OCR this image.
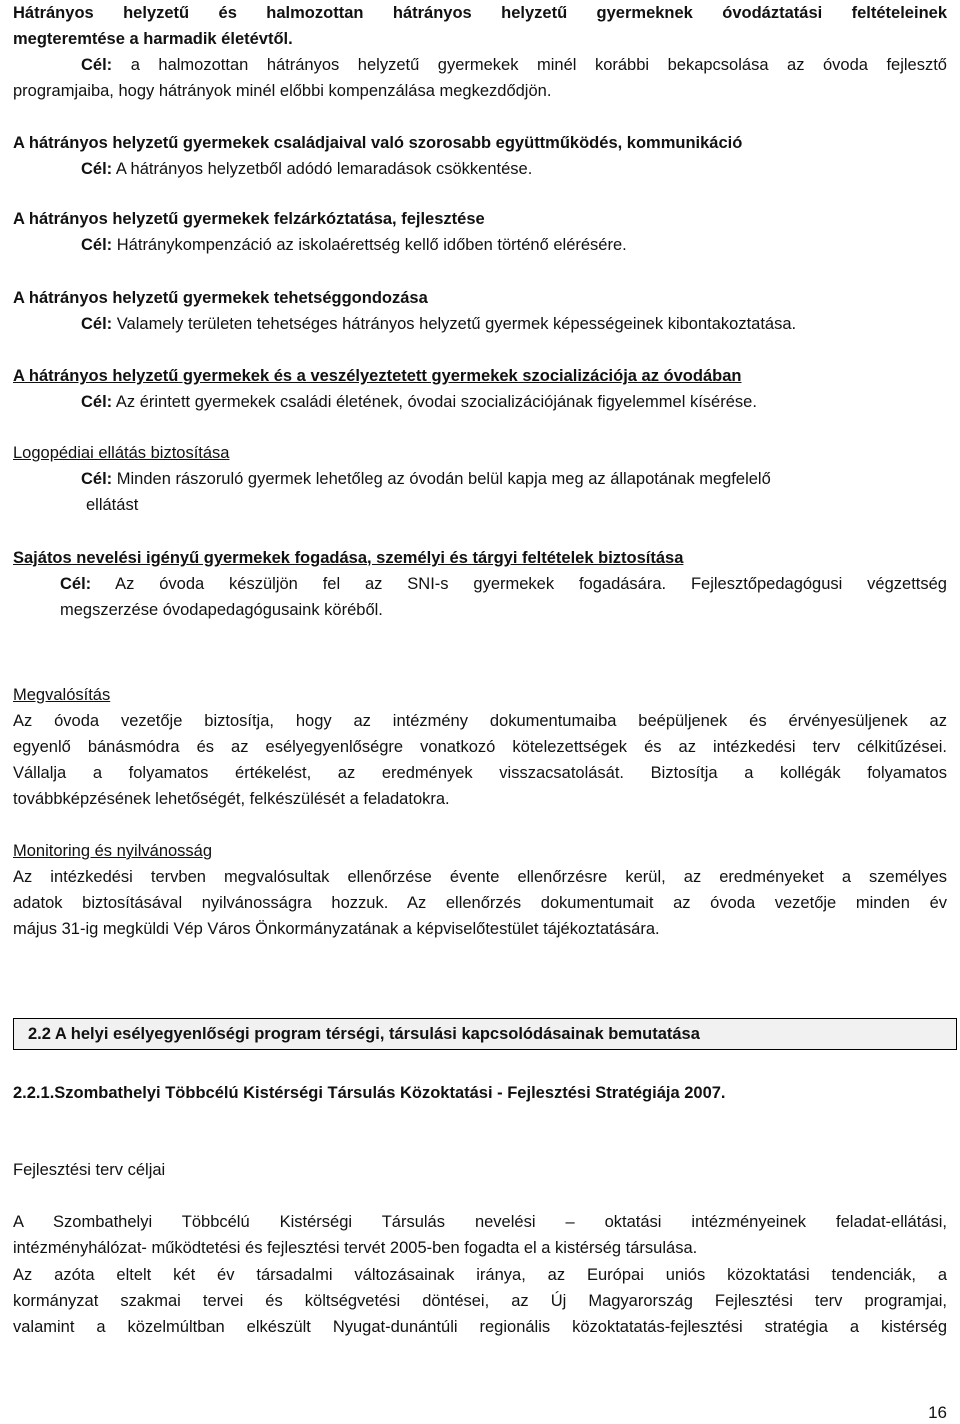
Hátrányos helyzetű és halmozottan hátrányos helyzetű gyermeknek óvodáztatási feltételeinek
megteremtése a harmadik életévtől.
Cél: a halmozottan hátrányos helyzetű gyermekek minél korábbi bekapcsolása az óvoda fejlesztő
programjaiba, hogy hátrányok minél előbbi kompenzálása megkezdődjön.
A hátrányos helyzetű gyermekek családjaival való szorosabb együttműködés, kommunikáció
Cél: A hátrányos helyzetből adódó lemaradások csökkentése.
A hátrányos helyzetű gyermekek felzárkóztatása, fejlesztése
Cél: Hátránykompenzáció az iskolaérettség kellő időben történő elérésére.
A hátrányos helyzetű gyermekek tehetséggondozása
Cél: Valamely területen tehetséges hátrányos helyzetű gyermek képességeinek kibontakoztatása.
A hátrányos helyzetű gyermekek és a veszélyeztetett gyermekek szocializációja az óvodában
Cél: Az érintett gyermekek családi életének, óvodai szocializációjának figyelemmel kísérése.
Logopédiai ellátás biztosítása
Cél: Minden rászoruló gyermek lehetőleg az óvodán belül kapja meg az állapotának megfelelő
ellátást
Sajátos nevelési igényű gyermekek fogadása, személyi és tárgyi feltételek biztosítása
Cél: Az óvoda készüljön fel az SNI-s gyermekek fogadására. Fejlesztőpedagógusi végzettség
megszerzése óvodapedagógusaink köréből.
Megvalósítás
Az óvoda vezetője biztosítja, hogy az intézmény dokumentumaiba beépüljenek és érvényesüljenek az
egyenlő bánásmódra és az esélyegyenlőségre vonatkozó kötelezettségek és az intézkedési terv célkitűzései.
Vállalja a folyamatos értékelést, az eredmények visszacsatolását. Biztosítja a kollégák folyamatos
továbbképzésének lehetőségét, felkészülését a feladatokra.
Monitoring és nyilvánosság
Az intézkedési tervben megvalósultak ellenőrzése évente ellenőrzésre kerül, az eredményeket a személyes
adatok biztosításával nyilvánosságra hozzuk. Az ellenőrzés dokumentumait az óvoda vezetője minden év
május 31-ig megküldi Vép Város Önkormányzatának a képviselőtestület tájékoztatására.
2.2 A helyi esélyegyenlőségi program térségi, társulási kapcsolódásainak bemutatása
2.2.1.Szombathelyi Többcélú Kistérségi Társulás Közoktatási - Fejlesztési Stratégiája 2007.
Fejlesztési terv céljai
A Szombathelyi Többcélú Kistérségi Társulás nevelési – oktatási intézményeinek feladat-ellátási,
intézményhálózat- működtetési és fejlesztési tervét 2005-ben fogadta el a kistérség társulása.
Az azóta eltelt két év társadalmi változásainak iránya, az Európai uniós közoktatási tendenciák, a
kormányzat szakmai tervei és költségvetési döntései, az Új Magyarország Fejlesztési terv programjai,
valamint a közelmúltban elkészült Nyugat-dunántúli regionális közoktatatás-fejlesztési stratégia a kistérség
16
